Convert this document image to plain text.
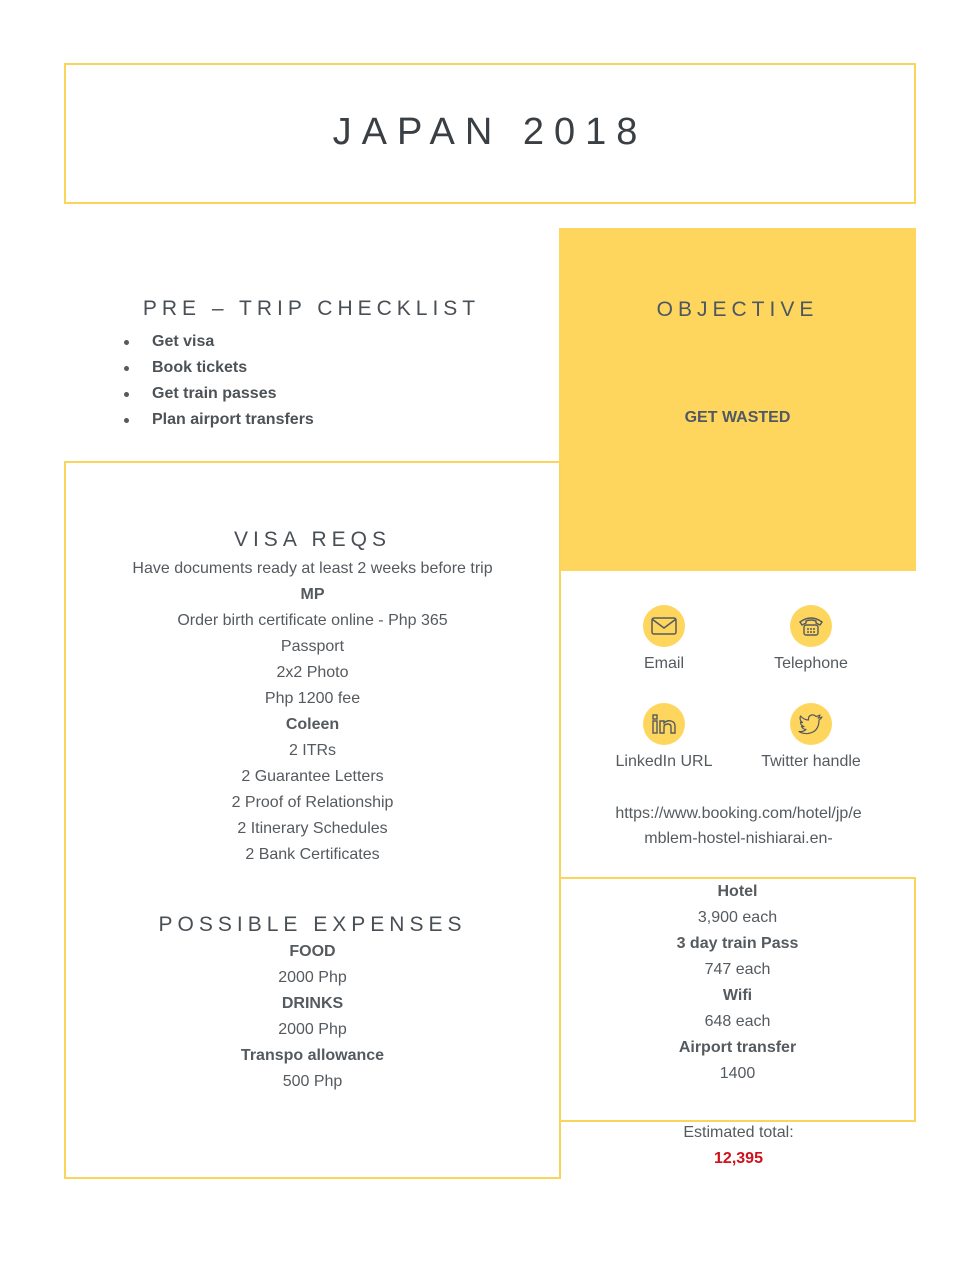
JAPAN 2018
PRE – TRIP CHECKLIST
Get visa
Book tickets
Get train passes
Plan airport transfers
OBJECTIVE
GET WASTED
VISA REQS
Have documents ready at least 2 weeks before trip
MP
Order birth certificate online - Php 365
Passport
2x2 Photo
Php 1200 fee
Coleen
2 ITRs
2 Guarantee Letters
2 Proof of Relationship
2 Itinerary Schedules
2 Bank Certificates
POSSIBLE EXPENSES
FOOD
2000 Php
DRINKS
2000 Php
Transpo allowance
500 Php
Email	Telephone
LinkedIn URL	Twitter handle
https://www.booking.com/hotel/jp/e
mblem-hostel-nishiarai.en-
Hotel
3,900 each
3 day train Pass
747 each
Wifi
648 each
Airport transfer
1400
Estimated total:
12,395
